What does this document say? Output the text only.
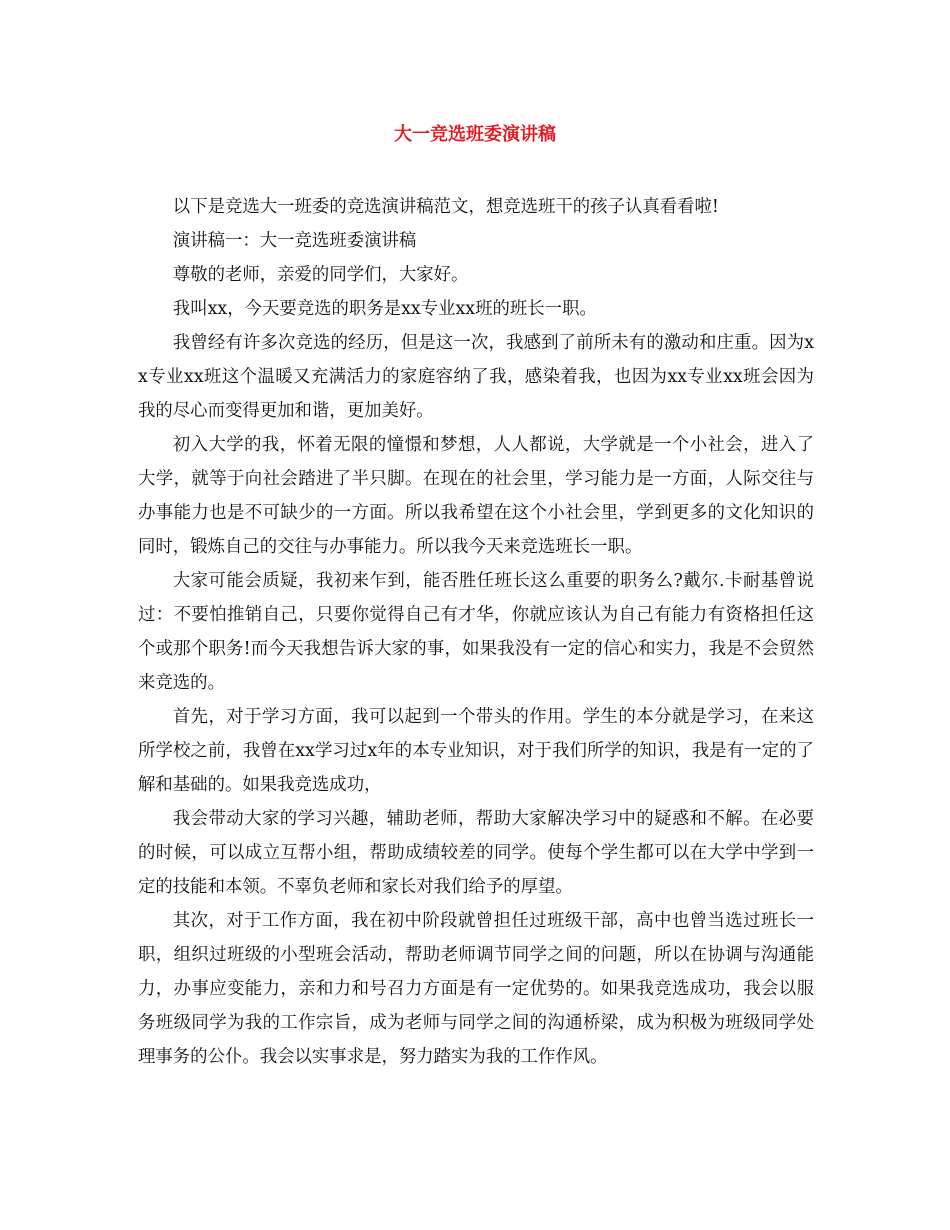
大一竞选班委演讲稿

以下是竞选大一班委的竞选演讲稿范文，想竞选班干的孩子认真看看啦!

演讲稿一：大一竞选班委演讲稿

尊敬的老师，亲爱的同学们，大家好。

我叫xx，今天要竞选的职务是xx专业xx班的班长一职。

我曾经有许多次竞选的经历，但是这一次，我感到了前所未有的激动和庄重。因为xx专业xx班这个温暖又充满活力的家庭容纳了我，感染着我，也因为xx专业xx班会因为我的尽心而变得更加和谐，更加美好。

初入大学的我，怀着无限的憧憬和梦想，人人都说，大学就是一个小社会，进入了大学，就等于向社会踏进了半只脚。在现在的社会里，学习能力是一方面，人际交往与办事能力也是不可缺少的一方面。所以我希望在这个小社会里，学到更多的文化知识的同时，锻炼自己的交往与办事能力。所以我今天来竞选班长一职。

大家可能会质疑，我初来乍到，能否胜任班长这么重要的职务么?戴尔.卡耐基曾说过：不要怕推销自己，只要你觉得自己有才华，你就应该认为自己有能力有资格担任这个或那个职务!而今天我想告诉大家的事，如果我没有一定的信心和实力，我是不会贸然来竞选的。

首先，对于学习方面，我可以起到一个带头的作用。学生的本分就是学习，在来这所学校之前，我曾在xx学习过x年的本专业知识，对于我们所学的知识，我是有一定的了解和基础的。如果我竞选成功，

我会带动大家的学习兴趣，辅助老师，帮助大家解决学习中的疑惑和不解。在必要的时候，可以成立互帮小组，帮助成绩较差的同学。使每个学生都可以在大学中学到一定的技能和本领。不辜负老师和家长对我们给予的厚望。

其次，对于工作方面，我在初中阶段就曾担任过班级干部，高中也曾当选过班长一职，组织过班级的小型班会活动，帮助老师调节同学之间的问题，所以在协调与沟通能力，办事应变能力，亲和力和号召力方面是有一定优势的。如果我竞选成功，我会以服务班级同学为我的工作宗旨，成为老师与同学之间的沟通桥梁，成为积极为班级同学处理事务的公仆。我会以实事求是，努力踏实为我的工作作风。
